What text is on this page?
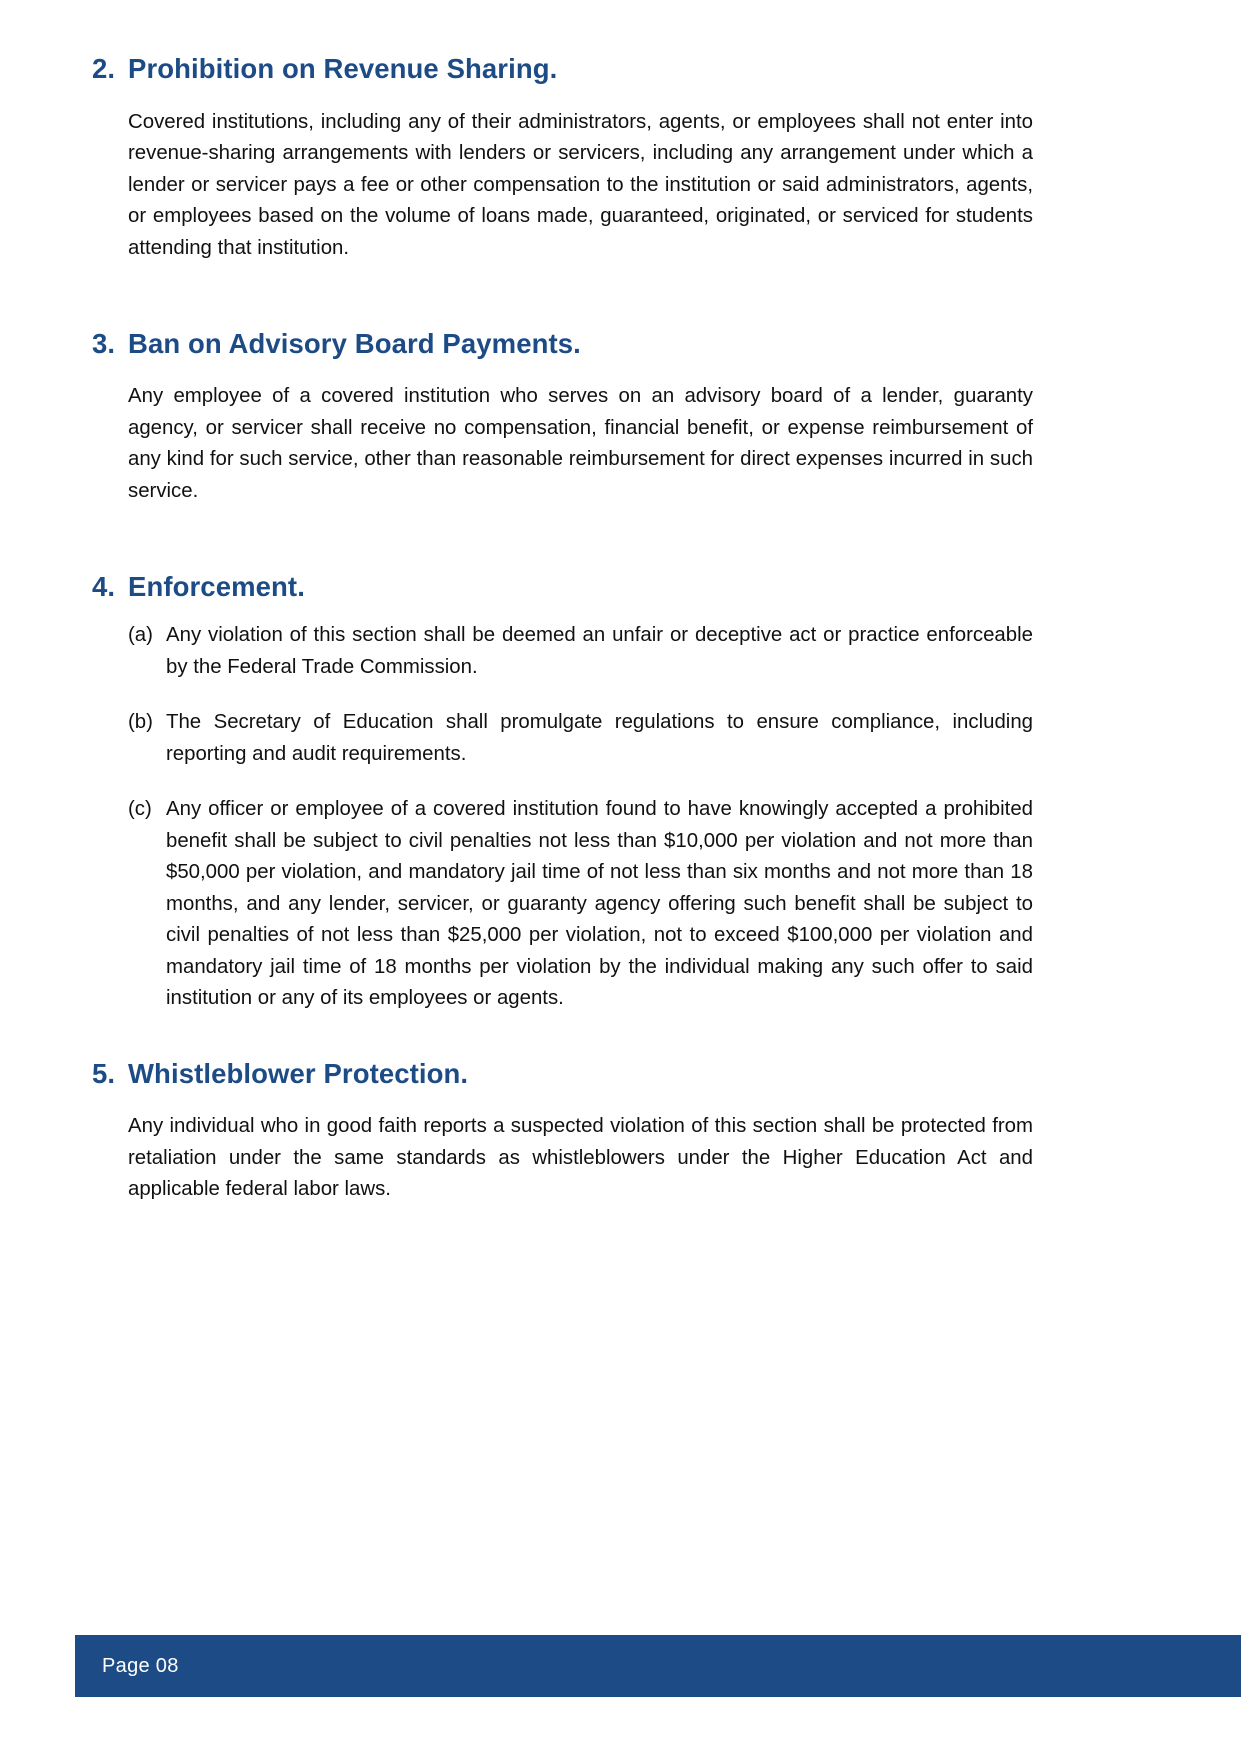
2. Prohibition on Revenue Sharing.

Covered institutions, including any of their administrators, agents, or employees shall not enter into revenue-sharing arrangements with lenders or servicers, including any arrangement under which a lender or servicer pays a fee or other compensation to the institution or said administrators, agents, or employees based on the volume of loans made, guaranteed, originated, or serviced for students attending that institution.

3. Ban on Advisory Board Payments.

Any employee of a covered institution who serves on an advisory board of a lender, guaranty agency, or servicer shall receive no compensation, financial benefit, or expense reimbursement of any kind for such service, other than reasonable reimbursement for direct expenses incurred in such service.

4. Enforcement.
(a) Any violation of this section shall be deemed an unfair or deceptive act or practice enforceable by the Federal Trade Commission.
(b) The Secretary of Education shall promulgate regulations to ensure compliance, including reporting and audit requirements.
(c) Any officer or employee of a covered institution found to have knowingly accepted a prohibited benefit shall be subject to civil penalties not less than $10,000 per violation and not more than $50,000 per violation, and mandatory jail time of not less than six months and not more than 18 months, and any lender, servicer, or guaranty agency offering such benefit shall be subject to civil penalties of not less than $25,000 per violation, not to exceed $100,000 per violation and mandatory jail time of 18 months per violation by the individual making any such offer to said institution or any of its employees or agents.
5. Whistleblower Protection.

Any individual who in good faith reports a suspected violation of this section shall be protected from retaliation under the same standards as whistleblowers under the Higher Education Act and applicable federal labor laws.

Page 08
